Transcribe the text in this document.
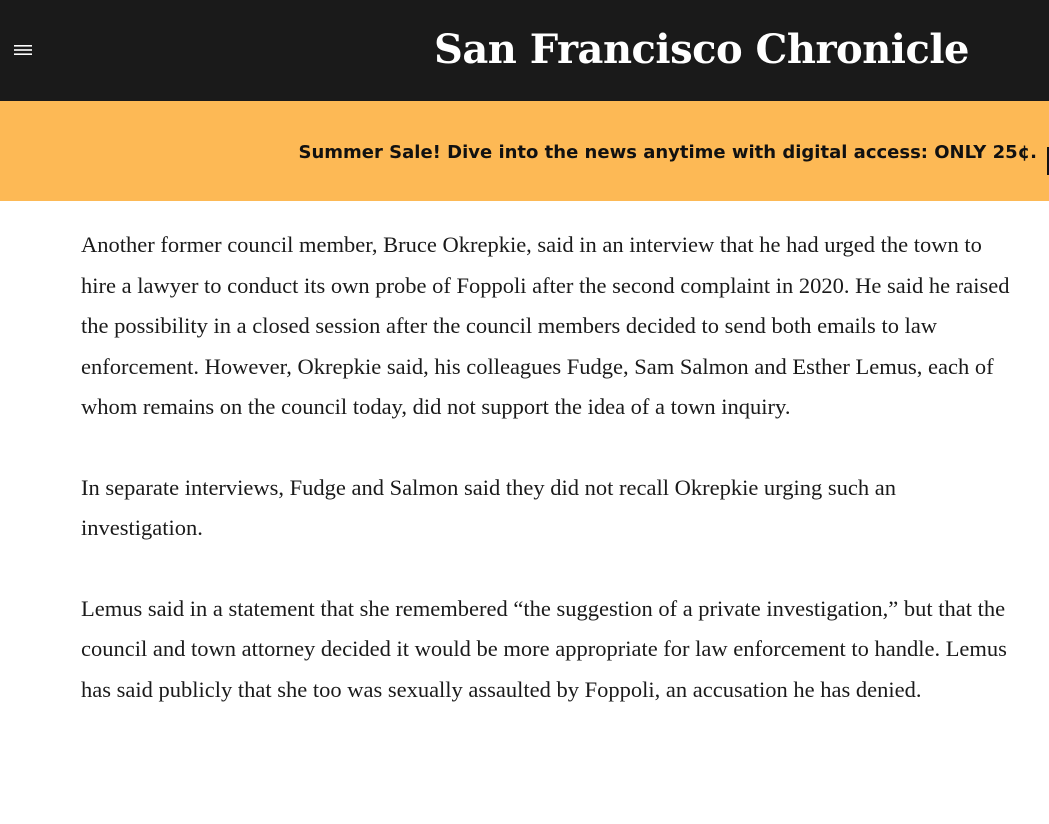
San Francisco Chronicle
Summer Sale! Dive into the news anytime with digital access: ONLY 25¢.

Another former council member, Bruce Okrepkie, said in an interview that he had urged the town to hire a lawyer to conduct its own probe of Foppoli after the second complaint in 2020. He said he raised the possibility in a closed session after the council members decided to send both emails to law enforcement. However, Okrepkie said, his colleagues Fudge, Sam Salmon and Esther Lemus, each of whom remains on the council today, did not support the idea of a town inquiry.

In separate interviews, Fudge and Salmon said they did not recall Okrepkie urging such an investigation.

Lemus said in a statement that she remembered “the suggestion of a private investigation,” but that the council and town attorney decided it would be more appropriate for law enforcement to handle. Lemus has said publicly that she too was sexually assaulted by Foppoli, an accusation he has denied.
